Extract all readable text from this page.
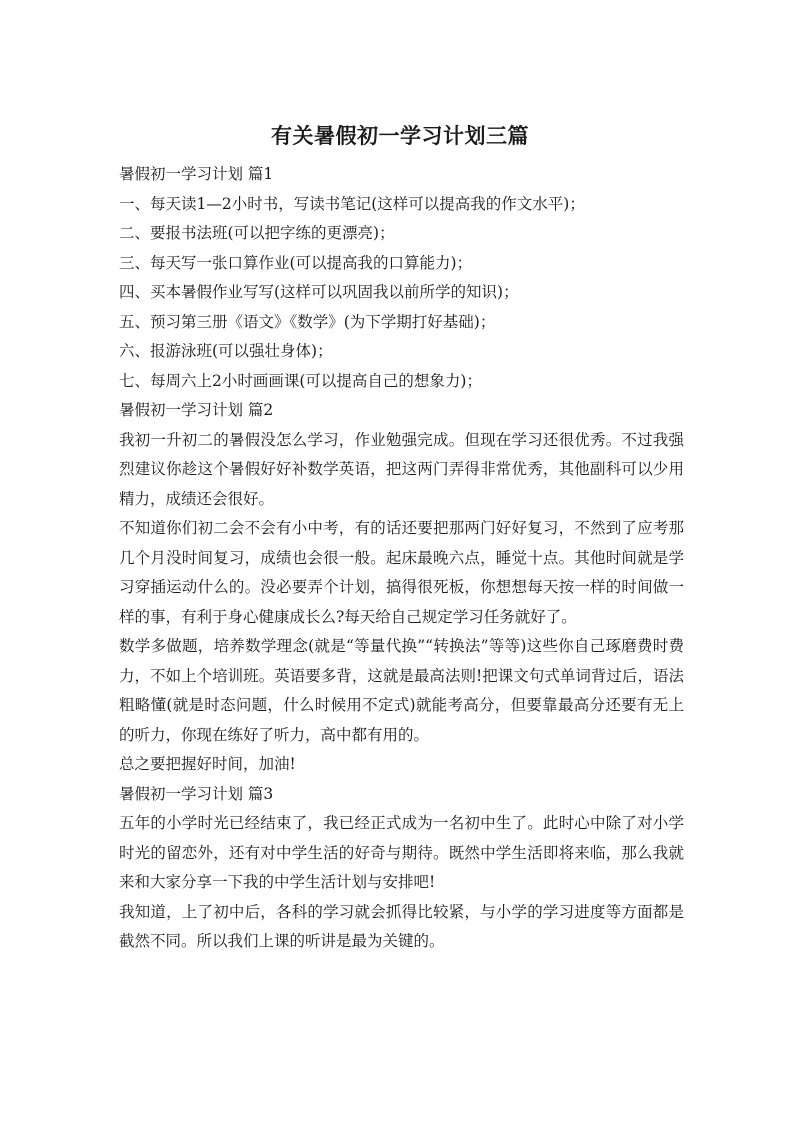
有关暑假初一学习计划三篇

暑假初一学习计划 篇1

一、每天读1—2小时书，写读书笔记(这样可以提高我的作文水平)；

二、要报书法班(可以把字练的更漂亮)；

三、每天写一张口算作业(可以提高我的口算能力)；

四、买本暑假作业写写(这样可以巩固我以前所学的知识)；

五、预习第三册《语文》《数学》(为下学期打好基础)；

六、报游泳班(可以强壮身体)；

七、每周六上2小时画画课(可以提高自己的想象力)；

暑假初一学习计划 篇2

我初一升初二的暑假没怎么学习，作业勉强完成。但现在学习还很优秀。不过我强烈建议你趁这个暑假好好补数学英语，把这两门弄得非常优秀，其他副科可以少用精力，成绩还会很好。

不知道你们初二会不会有小中考，有的话还要把那两门好好复习，不然到了应考那几个月没时间复习，成绩也会很一般。起床最晚六点，睡觉十点。其他时间就是学习穿插运动什么的。没必要弄个计划，搞得很死板，你想想每天按一样的时间做一样的事，有利于身心健康成长么?每天给自己规定学习任务就好了。

数学多做题，培养数学理念(就是“等量代换”“转换法”等等)这些你自己琢磨费时费力，不如上个培训班。英语要多背，这就是最高法则!把课文句式单词背过后，语法粗略懂(就是时态问题，什么时候用不定式)就能考高分，但要靠最高分还要有无上的听力，你现在练好了听力，高中都有用的。

总之要把握好时间，加油!

暑假初一学习计划 篇3

五年的小学时光已经结束了，我已经正式成为一名初中生了。此时心中除了对小学时光的留恋外，还有对中学生活的好奇与期待。既然中学生活即将来临，那么我就来和大家分享一下我的中学生活计划与安排吧!

我知道，上了初中后，各科的学习就会抓得比较紧，与小学的学习进度等方面都是截然不同。所以我们上课的听讲是最为关键的。
